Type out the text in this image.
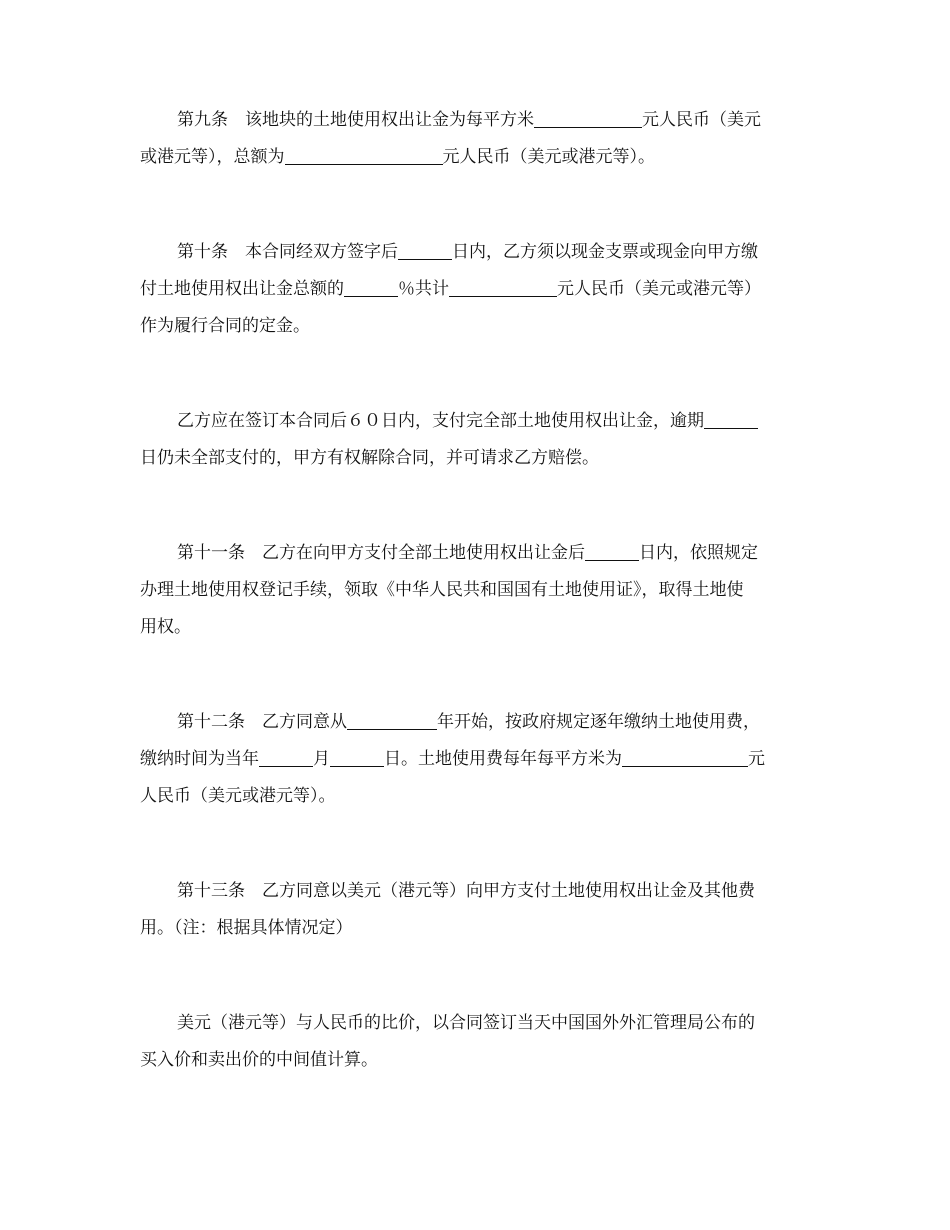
第九条　该地块的土地使用权出让金为每平方米	元人民币（美元
或港元等），总额为	元人民币（美元或港元等）。

第十条　本合同经双方签字后	日内，乙方须以现金支票或现金向甲方缴
付土地使用权出让金总额的	％共计	元人民币（美元或港元等）
作为履行合同的定金。

乙方应在签订本合同后６０日内，支付完全部土地使用权出让金，逾期
日仍未全部支付的，甲方有权解除合同，并可请求乙方赔偿。

第十一条　乙方在向甲方支付全部土地使用权出让金后	日内，依照规定
办理土地使用权登记手续，领取《中华人民共和国国有土地使用证》，取得土地使
用权。

第十二条　乙方同意从	年开始，按政府规定逐年缴纳土地使用费，
缴纳时间为当年	月	日。土地使用费每年每平方米为	元
人民币（美元或港元等）。

第十三条　乙方同意以美元（港元等）向甲方支付土地使用权出让金及其他费
用。（注：根据具体情况定）

美元（港元等）与人民币的比价，以合同签订当天中国国外外汇管理局公布的
买入价和卖出价的中间值计算。
